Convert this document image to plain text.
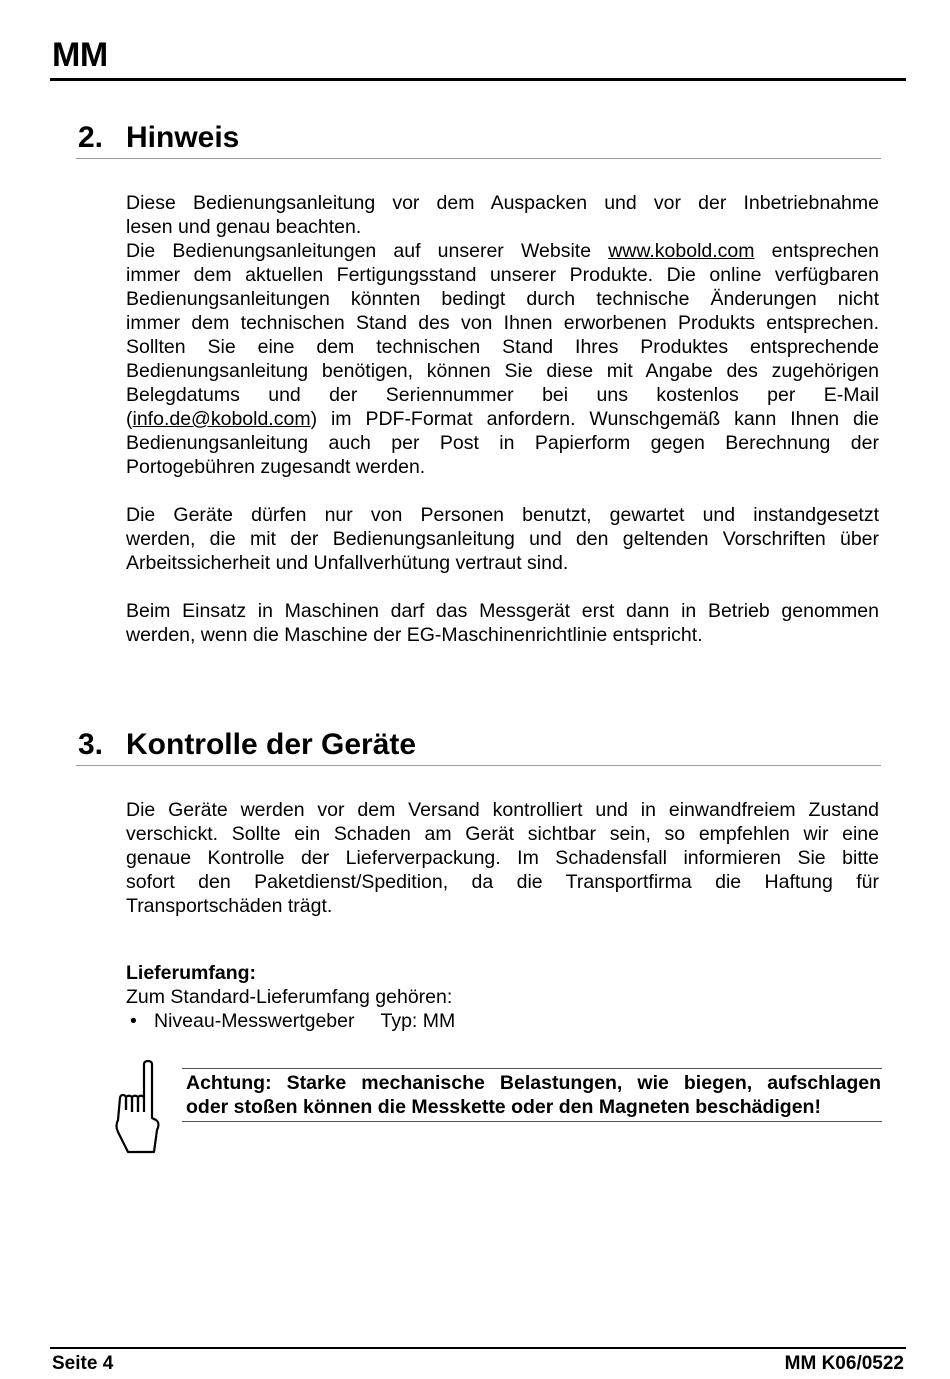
MM
2. Hinweis
Diese Bedienungsanleitung vor dem Auspacken und vor der Inbetriebnahme
lesen und genau beachten.
Die Bedienungsanleitungen auf unserer Website www.kobold.com entsprechen
immer dem aktuellen Fertigungsstand unserer Produkte. Die online verfügbaren
Bedienungsanleitungen könnten bedingt durch technische Änderungen nicht
immer dem technischen Stand des von Ihnen erworbenen Produkts entsprechen.
Sollten Sie eine dem technischen Stand Ihres Produktes entsprechende
Bedienungsanleitung benötigen, können Sie diese mit Angabe des zugehörigen
Belegdatums und der Seriennummer bei uns kostenlos per E-Mail
(info.de@kobold.com) im PDF-Format anfordern. Wunschgemäß kann Ihnen die
Bedienungsanleitung auch per Post in Papierform gegen Berechnung der
Portogebühren zugesandt werden.
Die Geräte dürfen nur von Personen benutzt, gewartet und instandgesetzt
werden, die mit der Bedienungsanleitung und den geltenden Vorschriften über
Arbeitssicherheit und Unfallverhütung vertraut sind.
Beim Einsatz in Maschinen darf das Messgerät erst dann in Betrieb genommen
werden, wenn die Maschine der EG-Maschinenrichtlinie entspricht.
3. Kontrolle der Geräte
Die Geräte werden vor dem Versand kontrolliert und in einwandfreiem Zustand
verschickt. Sollte ein Schaden am Gerät sichtbar sein, so empfehlen wir eine
genaue Kontrolle der Lieferverpackung. Im Schadensfall informieren Sie bitte
sofort den Paketdienst/Spedition, da die Transportfirma die Haftung für
Transportschäden trägt.
Lieferumfang:
Zum Standard-Lieferumfang gehören:
• Niveau-Messwertgeber Typ: MM
Achtung: Starke mechanische Belastungen, wie biegen, aufschlagen
oder stoßen können die Messkette oder den Magneten beschädigen!
Seite 4	MM K06/0522
